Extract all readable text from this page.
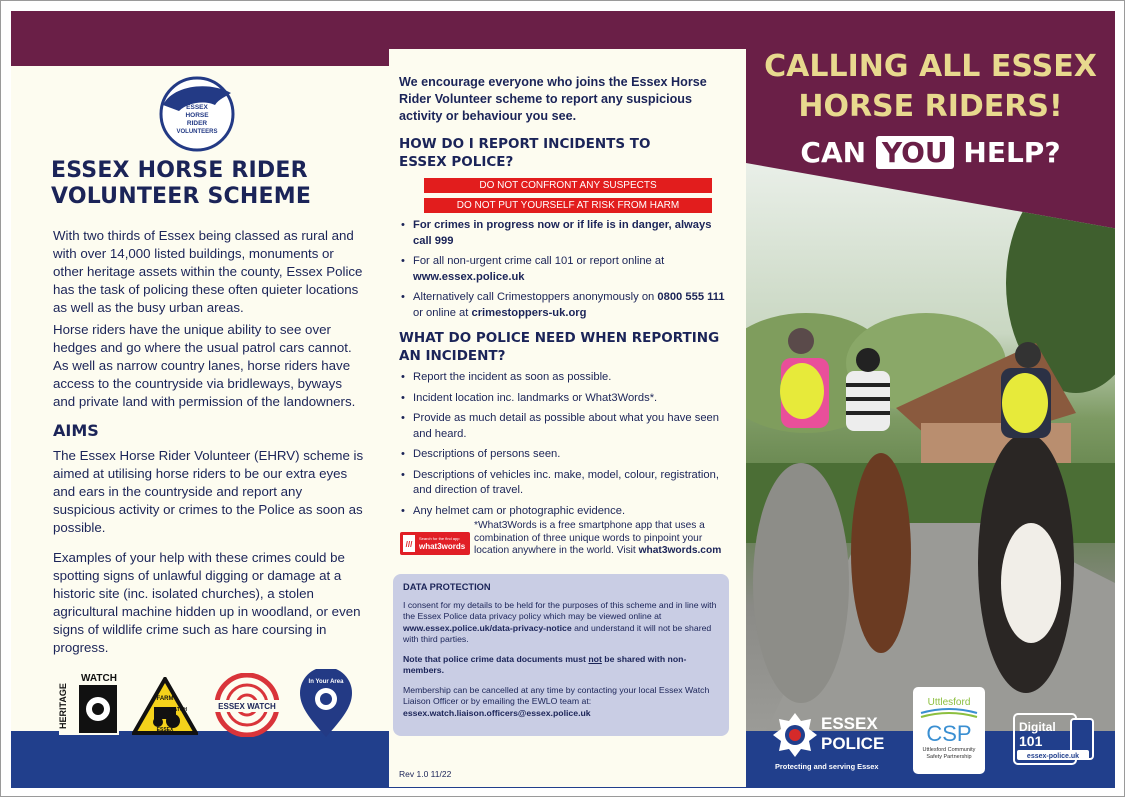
ESSEX
HORSE
RIDER
VOLUNTEERS
ESSEX HORSE RIDER
VOLUNTEER SCHEME
With two thirds of Essex being classed as rural and with over 14,000 listed buildings, monuments or other heritage assets within the county, Essex Police has the task of policing these often quieter locations as well as the busy urban areas.
Horse riders have the unique ability to see over hedges and go where the usual patrol cars cannot. As well as narrow country lanes, horse riders have access to the countryside via bridleways, byways and private land with permission of the landowners.
AIMS
The Essex Horse Rider Volunteer (EHRV) scheme is aimed at utilising horse riders to be our extra eyes and ears in the countryside and report any suspicious activity or crimes to the Police as soon as possible.
Examples of your help with these crimes could be spotting signs of unlawful digging or damage at a historic site (inc. isolated churches), a stolen agricultural machine hidden up in woodland, or even signs of wildlife crime such as hare coursing in progress.
HERITAGE
WATCH
FARM
WATCH
ESSEX
ESSEX WATCH
In Your Area
We encourage everyone who joins the Essex Horse Rider Volunteer scheme to report any suspicious activity or behaviour you see.
HOW DO I REPORT INCIDENTS TO
ESSEX POLICE?
DO NOT CONFRONT ANY SUSPECTS
DO NOT PUT YOURSELF AT RISK FROM HARM
• For crimes in progress now or if life is in danger, always call 999
• For all non-urgent crime call 101 or report online at www.essex.police.uk
• Alternatively call Crimestoppers anonymously on 0800 555 111 or online at crimestoppers-uk.org
WHAT DO POLICE NEED WHEN REPORTING
AN INCIDENT?
• Report the incident as soon as possible.
• Incident location inc. landmarks or What3Words*.
• Provide as much detail as possible about what you have seen and heard.
• Descriptions of persons seen.
• Descriptions of vehicles inc. make, model, colour, registration, and direction of travel.
• Any helmet cam or photographic evidence.
///
Search for the find app
what3words
*What3Words is a free smartphone app that uses a combination of three unique words to pinpoint your location anywhere in the world. Visit what3words.com
DATA PROTECTION

I consent for my details to be held for the purposes of this scheme and in line with the Essex Police data privacy policy which may be viewed online at www.essex.police.uk/data-privacy-notice and understand it will not be shared with third parties.

Note that police crime data documents must not be shared with non-members.

Membership can be cancelled at any time by contacting your local Essex Watch Liaison Officer or by emailing the EWLO team at:
essex.watch.liaison.officers@essex.police.uk

Rev 1.0 11/22
CALLING ALL ESSEX
HORSE RIDERS!
CAN YOU HELP?
ESSEX
POLICE
Protecting and serving Essex
Uttlesford
CSP
Uttlesford Community Safety Partnership
Digital
101
essex-police.uk
